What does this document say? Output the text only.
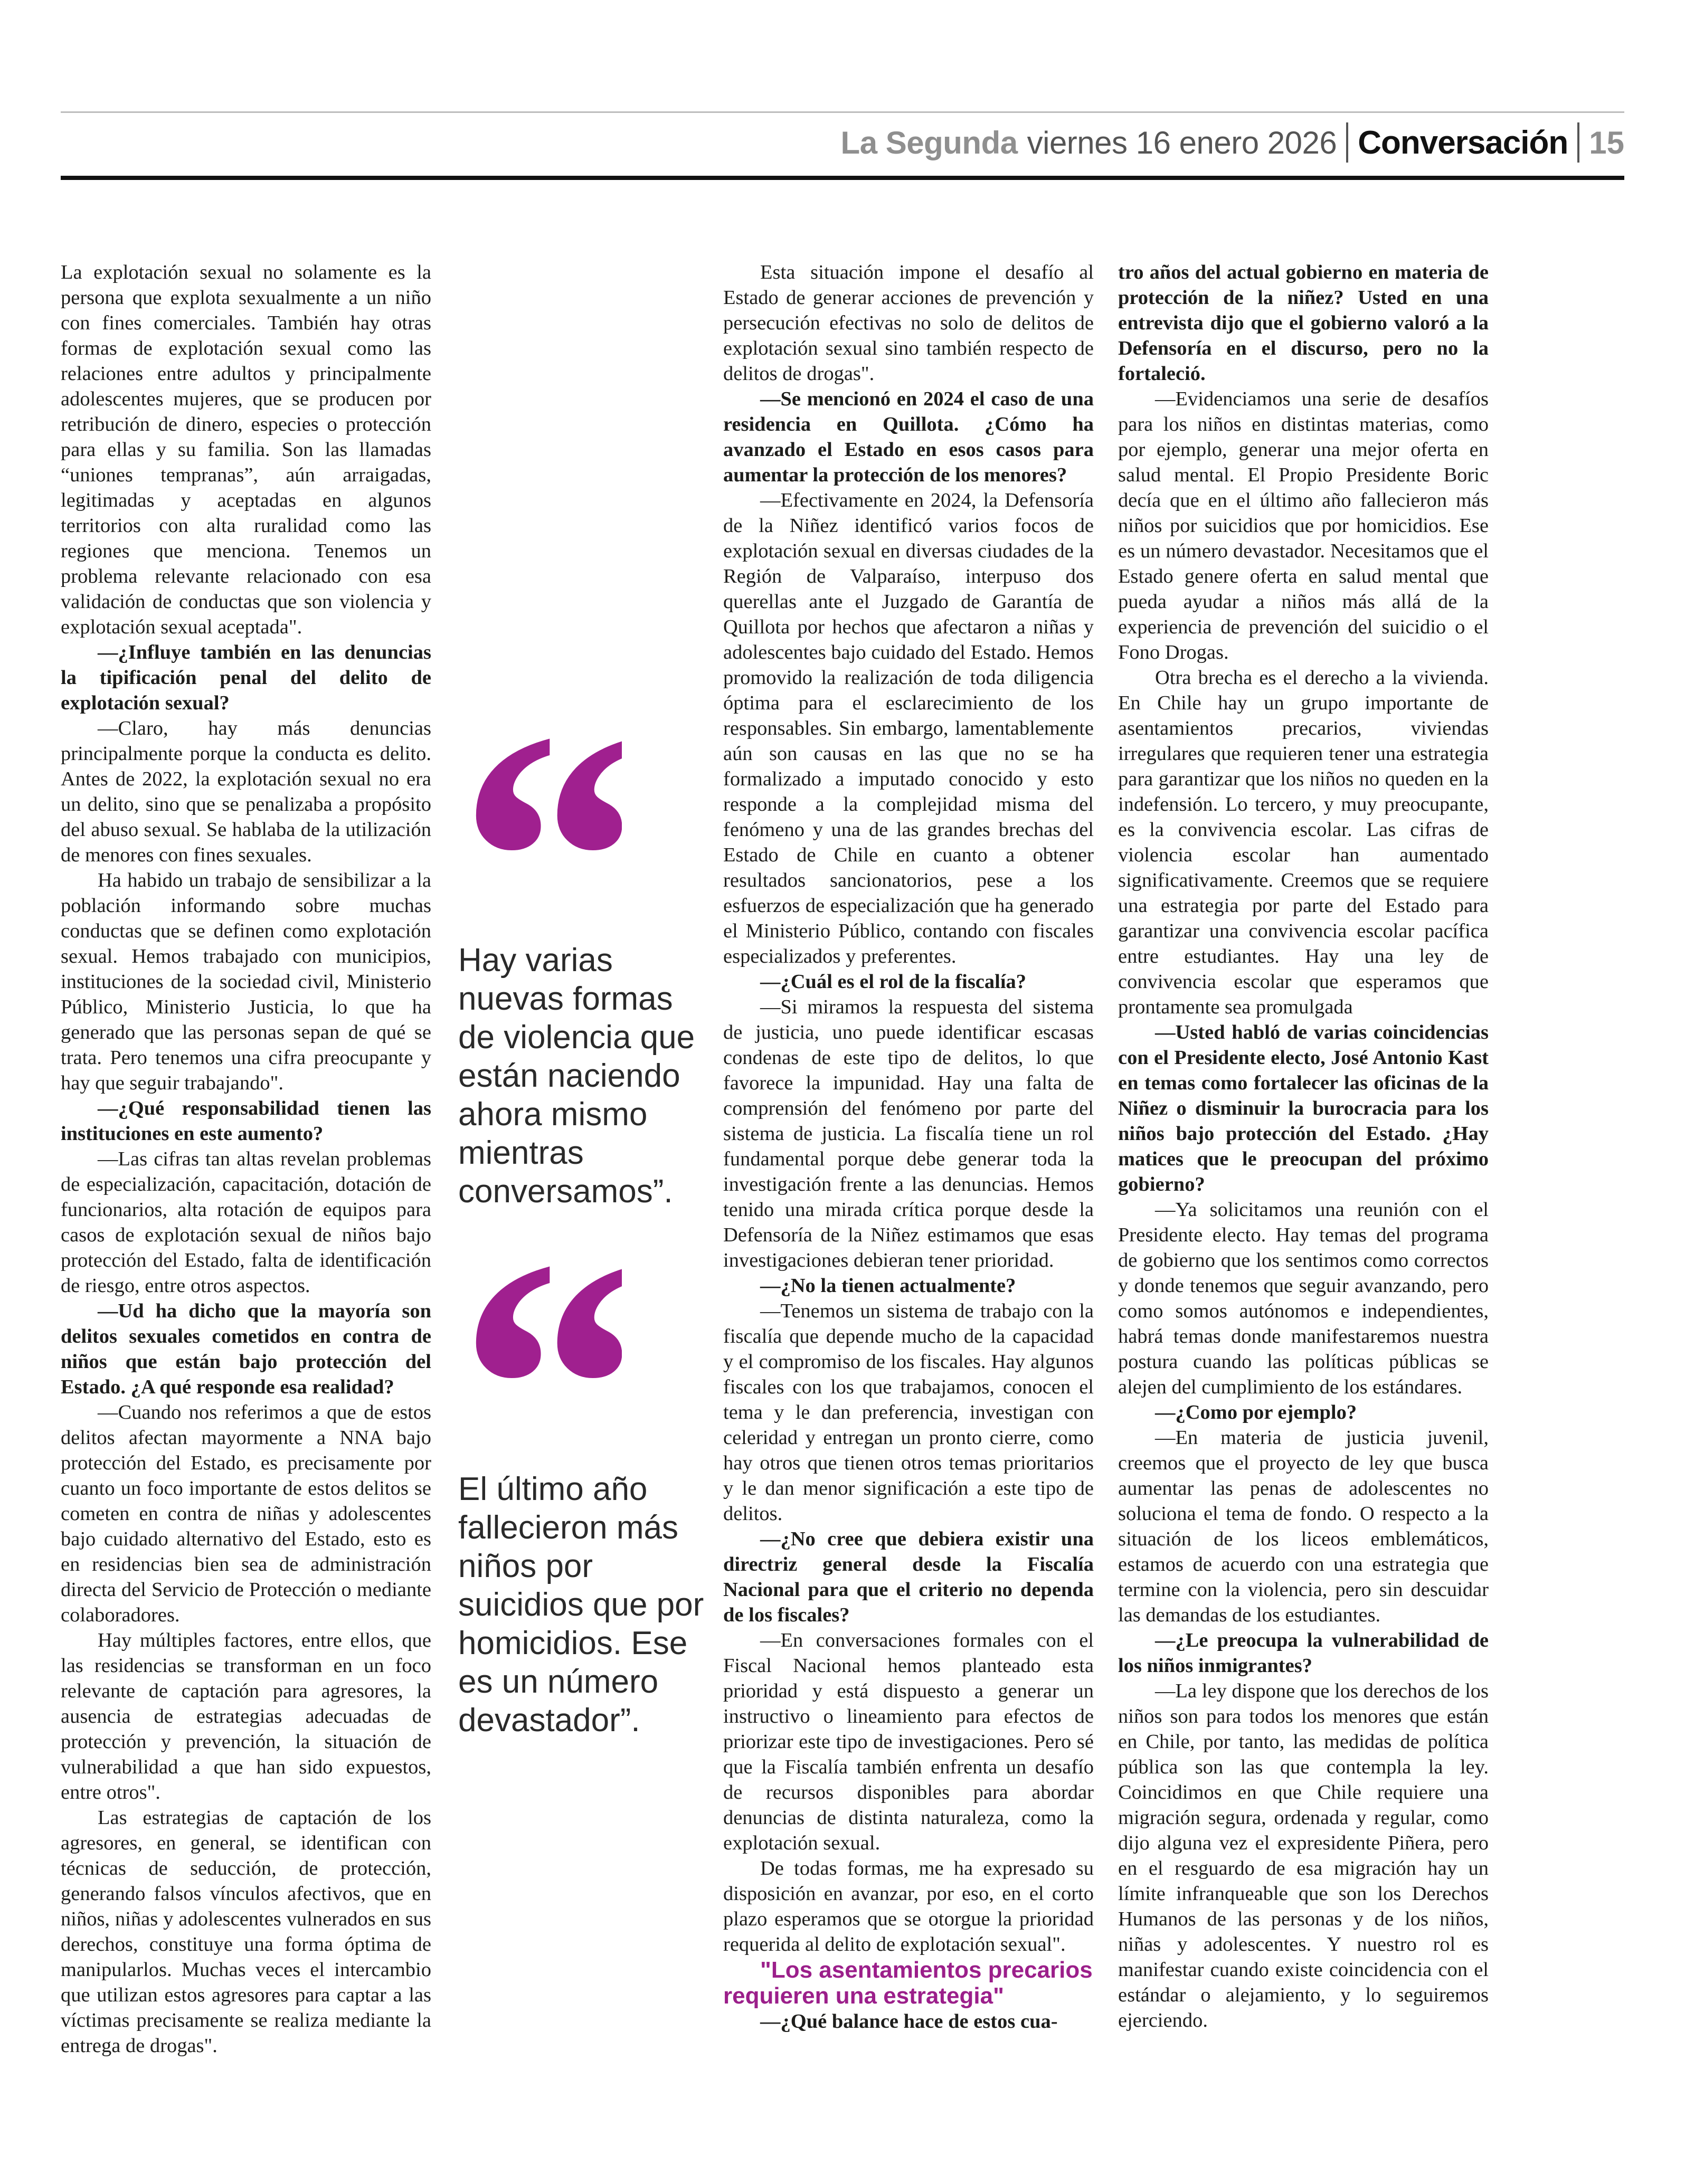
La Segunda viernes 16 enero 2026 Conversación 15

La explotación sexual no solamente es la persona que explota sexualmente a un niño con fines comerciales. También hay otras formas de explotación sexual como las relaciones entre adultos y principalmente adolescentes mujeres, que se producen por retribución de dinero, especies o protección para ellas y su familia. Son las llamadas “uniones tempranas”, aún arraigadas, legitimadas y aceptadas en algunos territorios con alta ruralidad como las regiones que menciona. Tenemos un problema relevante relacionado con esa validación de conductas que son violencia y explotación sexual aceptada".

—¿Influye también en las denuncias la tipificación penal del delito de explotación sexual?

—Claro, hay más denuncias principalmente porque la conducta es delito. Antes de 2022, la explotación sexual no era un delito, sino que se penalizaba a propósito del abuso sexual. Se hablaba de la utilización de menores con fines sexuales.

Ha habido un trabajo de sensibilizar a la población informando sobre muchas conductas que se definen como explotación sexual. Hemos trabajado con municipios, instituciones de la sociedad civil, Ministerio Público, Ministerio Justicia, lo que ha generado que las personas sepan de qué se trata. Pero tenemos una cifra preocupante y hay que seguir trabajando".

—¿Qué responsabilidad tienen las instituciones en este aumento?

—Las cifras tan altas revelan problemas de especialización, capacitación, dotación de funcionarios, alta rotación de equipos para casos de explotación sexual de niños bajo protección del Estado, falta de identificación de riesgo, entre otros aspectos.

—Ud ha dicho que la mayoría son delitos sexuales cometidos en contra de niños que están bajo protección del Estado. ¿A qué responde esa realidad?

—Cuando nos referimos a que de estos delitos afectan mayormente a NNA bajo protección del Estado, es precisamente por cuanto un foco importante de estos delitos se cometen en contra de niñas y adolescentes bajo cuidado alternativo del Estado, esto es en residencias bien sea de administración directa del Servicio de Protección o mediante colaboradores.

Hay múltiples factores, entre ellos, que las residencias se transforman en un foco relevante de captación para agresores, la ausencia de estrategias adecuadas de protección y prevención, la situación de vulnerabilidad a que han sido expuestos, entre otros".

Las estrategias de captación de los agresores, en general, se identifican con técnicas de seducción, de protección, generando falsos vínculos afectivos, que en niños, niñas y adolescentes vulnerados en sus derechos, constituye una forma óptima de manipularlos. Muchas veces el intercambio que utilizan estos agresores para captar a las víctimas precisamente se realiza mediante la entrega de drogas".

Hay varias nuevas formas de violencia que están naciendo ahora mismo mientras conversamos”.
El último año fallecieron más niños por suicidios que por homicidios. Ese es un número devastador”.

Esta situación impone el desafío al Estado de generar acciones de prevención y persecución efectivas no solo de delitos de explotación sexual sino también respecto de delitos de drogas".

—Se mencionó en 2024 el caso de una residencia en Quillota. ¿Cómo ha avanzado el Estado en esos casos para aumentar la protección de los menores?

—Efectivamente en 2024, la Defensoría de la Niñez identificó varios focos de explotación sexual en diversas ciudades de la Región de Valparaíso, interpuso dos querellas ante el Juzgado de Garantía de Quillota por hechos que afectaron a niñas y adolescentes bajo cuidado del Estado. Hemos promovido la realización de toda diligencia óptima para el esclarecimiento de los responsables. Sin embargo, lamentablemente aún son causas en las que no se ha formalizado a imputado conocido y esto responde a la complejidad misma del fenómeno y una de las grandes brechas del Estado de Chile en cuanto a obtener resultados sancionatorios, pese a los esfuerzos de especialización que ha generado el Ministerio Público, contando con fiscales especializados y preferentes.

—¿Cuál es el rol de la fiscalía?

—Si miramos la respuesta del sistema de justicia, uno puede identificar escasas condenas de este tipo de delitos, lo que favorece la impunidad. Hay una falta de comprensión del fenómeno por parte del sistema de justicia. La fiscalía tiene un rol fundamental porque debe generar toda la investigación frente a las denuncias. Hemos tenido una mirada crítica porque desde la Defensoría de la Niñez estimamos que esas investigaciones debieran tener prioridad.

—¿No la tienen actualmente?

—Tenemos un sistema de trabajo con la fiscalía que depende mucho de la capacidad y el compromiso de los fiscales. Hay algunos fiscales con los que trabajamos, conocen el tema y le dan preferencia, investigan con celeridad y entregan un pronto cierre, como hay otros que tienen otros temas prioritarios y le dan menor significación a este tipo de delitos.

—¿No cree que debiera existir una directriz general desde la Fiscalía Nacional para que el criterio no dependa de los fiscales?

—En conversaciones formales con el Fiscal Nacional hemos planteado esta prioridad y está dispuesto a generar un instructivo o lineamiento para efectos de priorizar este tipo de investigaciones. Pero sé que la Fiscalía también enfrenta un desafío de recursos disponibles para abordar denuncias de distinta naturaleza, como la explotación sexual.

De todas formas, me ha expresado su disposición en avanzar, por eso, en el corto plazo esperamos que se otorgue la prioridad requerida al delito de explotación sexual".

"Los asentamientos precarios requieren una estrategia"

—¿Qué balance hace de estos cua-

tro años del actual gobierno en materia de protección de la niñez? Usted en una entrevista dijo que el gobierno valoró a la Defensoría en el discurso, pero no la fortaleció.

—Evidenciamos una serie de desafíos para los niños en distintas materias, como por ejemplo, generar una mejor oferta en salud mental. El Propio Presidente Boric decía que en el último año fallecieron más niños por suicidios que por homicidios. Ese es un número devastador. Necesitamos que el Estado genere oferta en salud mental que pueda ayudar a niños más allá de la experiencia de prevención del suicidio o el Fono Drogas.

Otra brecha es el derecho a la vivienda. En Chile hay un grupo importante de asentamientos precarios, viviendas irregulares que requieren tener una estrategia para garantizar que los niños no queden en la indefensión. Lo tercero, y muy preocupante, es la convivencia escolar. Las cifras de violencia escolar han aumentado significativamente. Creemos que se requiere una estrategia por parte del Estado para garantizar una convivencia escolar pacífica entre estudiantes. Hay una ley de convivencia escolar que esperamos que prontamente sea promulgada

—Usted habló de varias coincidencias con el Presidente electo, José Antonio Kast en temas como fortalecer las oficinas de la Niñez o disminuir la burocracia para los niños bajo protección del Estado. ¿Hay matices que le preocupan del próximo gobierno?

—Ya solicitamos una reunión con el Presidente electo. Hay temas del programa de gobierno que los sentimos como correctos y donde tenemos que seguir avanzando, pero como somos autónomos e independientes, habrá temas donde manifestaremos nuestra postura cuando las políticas públicas se alejen del cumplimiento de los estándares.

—¿Como por ejemplo?

—En materia de justicia juvenil, creemos que el proyecto de ley que busca aumentar las penas de adolescentes no soluciona el tema de fondo. O respecto a la situación de los liceos emblemáticos, estamos de acuerdo con una estrategia que termine con la violencia, pero sin descuidar las demandas de los estudiantes.

—¿Le preocupa la vulnerabilidad de los niños inmigrantes?

—La ley dispone que los derechos de los niños son para todos los menores que están en Chile, por tanto, las medidas de política pública son las que contempla la ley. Coincidimos en que Chile requiere una migración segura, ordenada y regular, como dijo alguna vez el expresidente Piñera, pero en el resguardo de esa migración hay un límite infranqueable que son los Derechos Humanos de las personas y de los niños, niñas y adolescentes. Y nuestro rol es manifestar cuando existe coincidencia con el estándar o alejamiento, y lo seguiremos ejerciendo.
